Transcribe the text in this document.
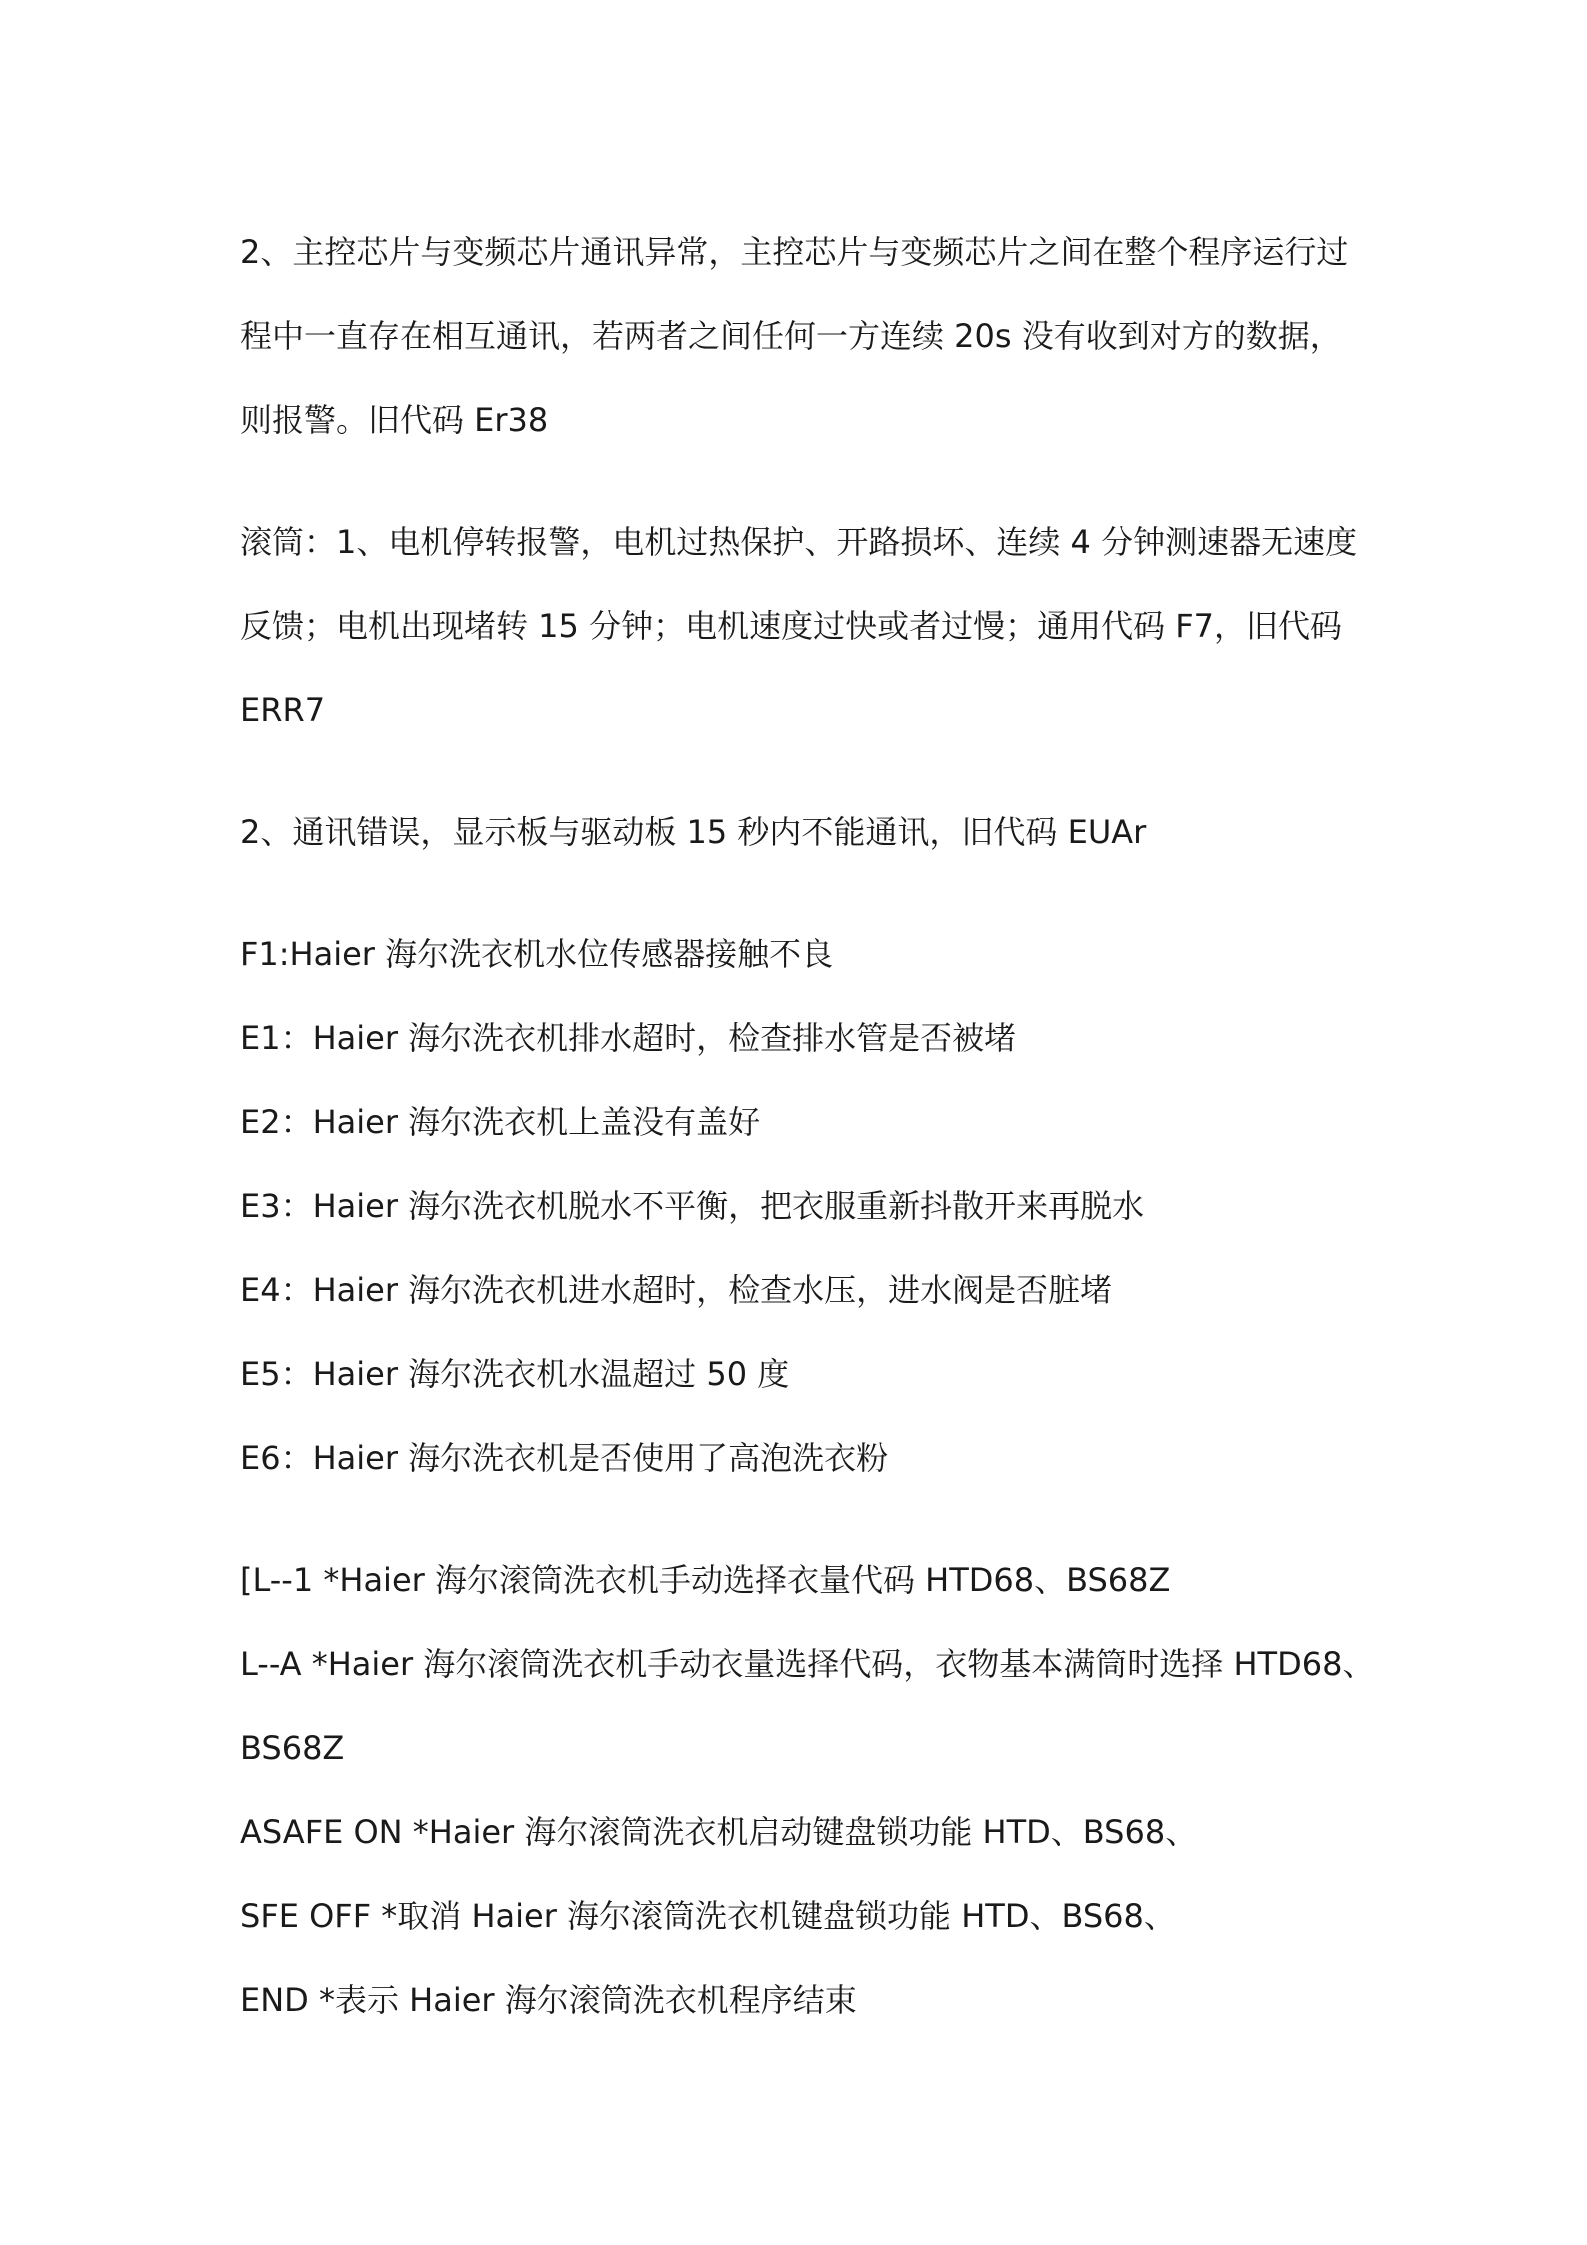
2、主控芯片与变频芯片通讯异常，主控芯片与变频芯片之间在整个程序运行过
程中一直存在相互通讯，若两者之间任何一方连续 20s 没有收到对方的数据，
则报警。旧代码 Er38
滚筒：1、电机停转报警，电机过热保护、开路损坏、连续 4 分钟测速器无速度
反馈；电机出现堵转 15 分钟；电机速度过快或者过慢；通用代码 F7，旧代码
ERR7
2、通讯错误，显示板与驱动板 15 秒内不能通讯，旧代码 EUAr
F1:Haier 海尔洗衣机水位传感器接触不良
E1：Haier 海尔洗衣机排水超时，检查排水管是否被堵
E2：Haier 海尔洗衣机上盖没有盖好
E3：Haier 海尔洗衣机脱水不平衡，把衣服重新抖散开来再脱水
E4：Haier 海尔洗衣机进水超时，检查水压，进水阀是否脏堵
E5：Haier 海尔洗衣机水温超过 50 度
E6：Haier 海尔洗衣机是否使用了高泡洗衣粉
[L--1 *Haier 海尔滚筒洗衣机手动选择衣量代码 HTD68、BS68Z
L--A *Haier 海尔滚筒洗衣机手动衣量选择代码，衣物基本满筒时选择 HTD68、
BS68Z
ASAFE ON *Haier 海尔滚筒洗衣机启动键盘锁功能 HTD、BS68、
SFE OFF *取消 Haier 海尔滚筒洗衣机键盘锁功能 HTD、BS68、
END *表示 Haier 海尔滚筒洗衣机程序结束
